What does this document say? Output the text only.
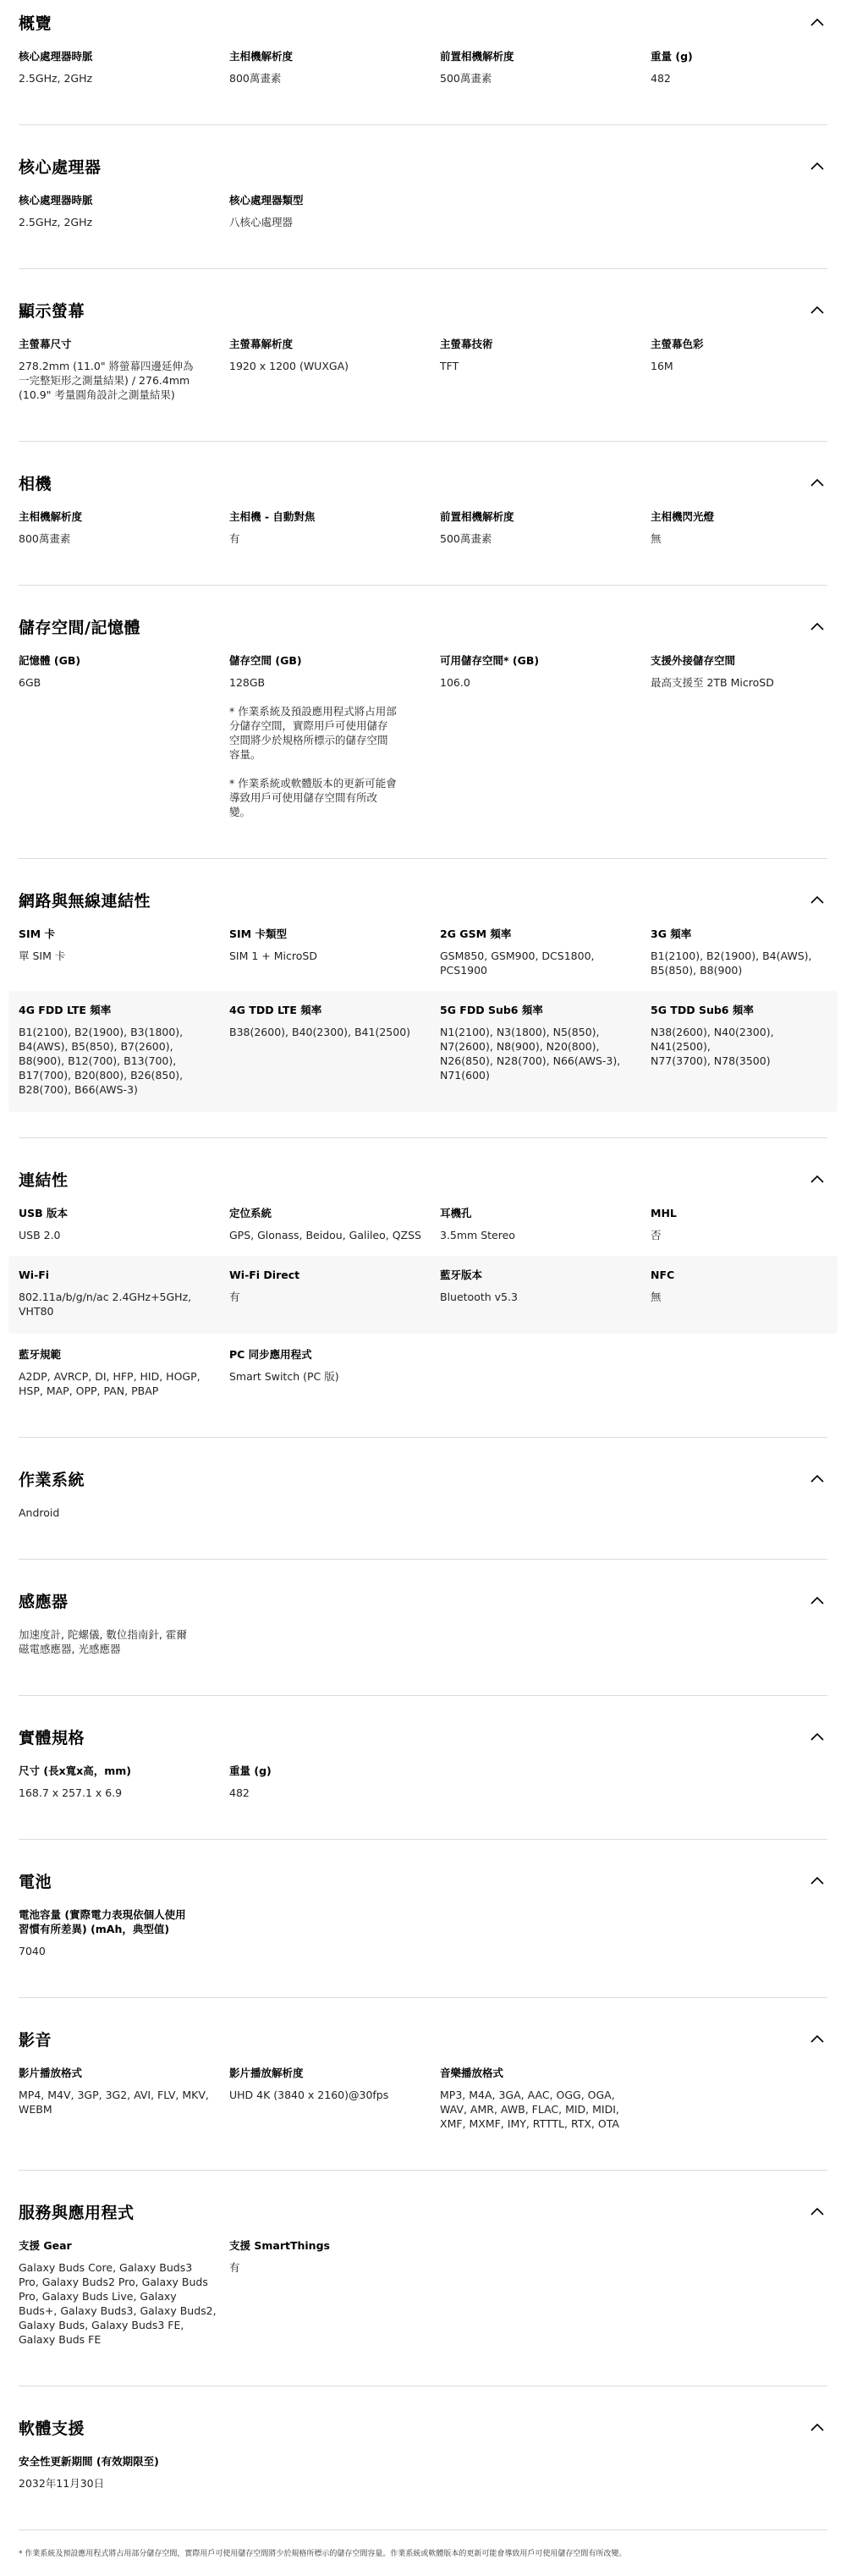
概覽
核心處理器時脈
2.5GHz, 2GHz
主相機解析度
800萬畫素
前置相機解析度
500萬畫素
重量 (g)
482
核心處理器
核心處理器時脈
2.5GHz, 2GHz
核心處理器類型
八核心處理器
顯示螢幕
主螢幕尺寸
278.2mm (11.0" 將螢幕四邊延伸為
一完整矩形之測量結果) / 276.4mm
(10.9" 考量圓角設計之測量結果)
主螢幕解析度
1920 x 1200 (WUXGA)
主螢幕技術
TFT
主螢幕色彩
16M
相機
主相機解析度
800萬畫素
主相機 - 自動對焦
有
前置相機解析度
500萬畫素
主相機閃光燈
無
儲存空間/記憶體
記憶體 (GB)
6GB
儲存空間 (GB)
128GB

* 作業系統及預設應用程式將占用部
分儲存空間，實際用戶可使用儲存
空間將少於規格所標示的儲存空間
容量。

* 作業系統或軟體版本的更新可能會
導致用戶可使用儲存空間有所改
變。
可用儲存空間* (GB)
106.0
支援外接儲存空間
最高支援至 2TB MicroSD
網路與無線連結性
SIM 卡
單 SIM 卡
SIM 卡類型
SIM 1 + MicroSD
2G GSM 頻率
GSM850, GSM900, DCS1800,
PCS1900
3G 頻率
B1(2100), B2(1900), B4(AWS),
B5(850), B8(900)
4G FDD LTE 頻率
B1(2100), B2(1900), B3(1800),
B4(AWS), B5(850), B7(2600),
B8(900), B12(700), B13(700),
B17(700), B20(800), B26(850),
B28(700), B66(AWS-3)
4G TDD LTE 頻率
B38(2600), B40(2300), B41(2500)
5G FDD Sub6 頻率
N1(2100), N3(1800), N5(850),
N7(2600), N8(900), N20(800),
N26(850), N28(700), N66(AWS-3),
N71(600)
5G TDD Sub6 頻率
N38(2600), N40(2300), N41(2500),
N77(3700), N78(3500)
連結性
USB 版本
USB 2.0
定位系統
GPS, Glonass, Beidou, Galileo, QZSS
耳機孔
3.5mm Stereo
MHL
否
Wi-Fi
802.11a/b/g/n/ac 2.4GHz+5GHz,
VHT80
Wi-Fi Direct
有
藍牙版本
Bluetooth v5.3
NFC
無
藍牙規範
A2DP, AVRCP, DI, HFP, HID, HOGP,
HSP, MAP, OPP, PAN, PBAP
PC 同步應用程式
Smart Switch (PC 版)
作業系統
Android
感應器
加速度計, 陀螺儀, 數位指南針, 霍爾
磁電感應器, 光感應器
實體規格
尺寸 (長x寬x高，mm)
168.7 x 257.1 x 6.9
重量 (g)
482
電池
電池容量 (實際電力表現依個人使用
習慣有所差異) (mAh，典型值)
7040
影音
影片播放格式
MP4, M4V, 3GP, 3G2, AVI, FLV, MKV,
WEBM
影片播放解析度
UHD 4K (3840 x 2160)@30fps
音樂播放格式
MP3, M4A, 3GA, AAC, OGG, OGA,
WAV, AMR, AWB, FLAC, MID, MIDI,
XMF, MXMF, IMY, RTTTL, RTX, OTA
服務與應用程式
支援 Gear
Galaxy Buds Core, Galaxy Buds3
Pro, Galaxy Buds2 Pro, Galaxy Buds
Pro, Galaxy Buds Live, Galaxy
Buds+, Galaxy Buds3, Galaxy Buds2,
Galaxy Buds, Galaxy Buds3 FE,
Galaxy Buds FE
支援 SmartThings
有
軟體支援
安全性更新期間 (有效期限至)
2032年11月30日
* 作業系統及預設應用程式將占用部分儲存空間，實際用戶可使用儲存空間將少於規格所標示的儲存空間容量。作業系統或軟體版本的更新可能會導致用戶可使用儲存空間有所改變。
